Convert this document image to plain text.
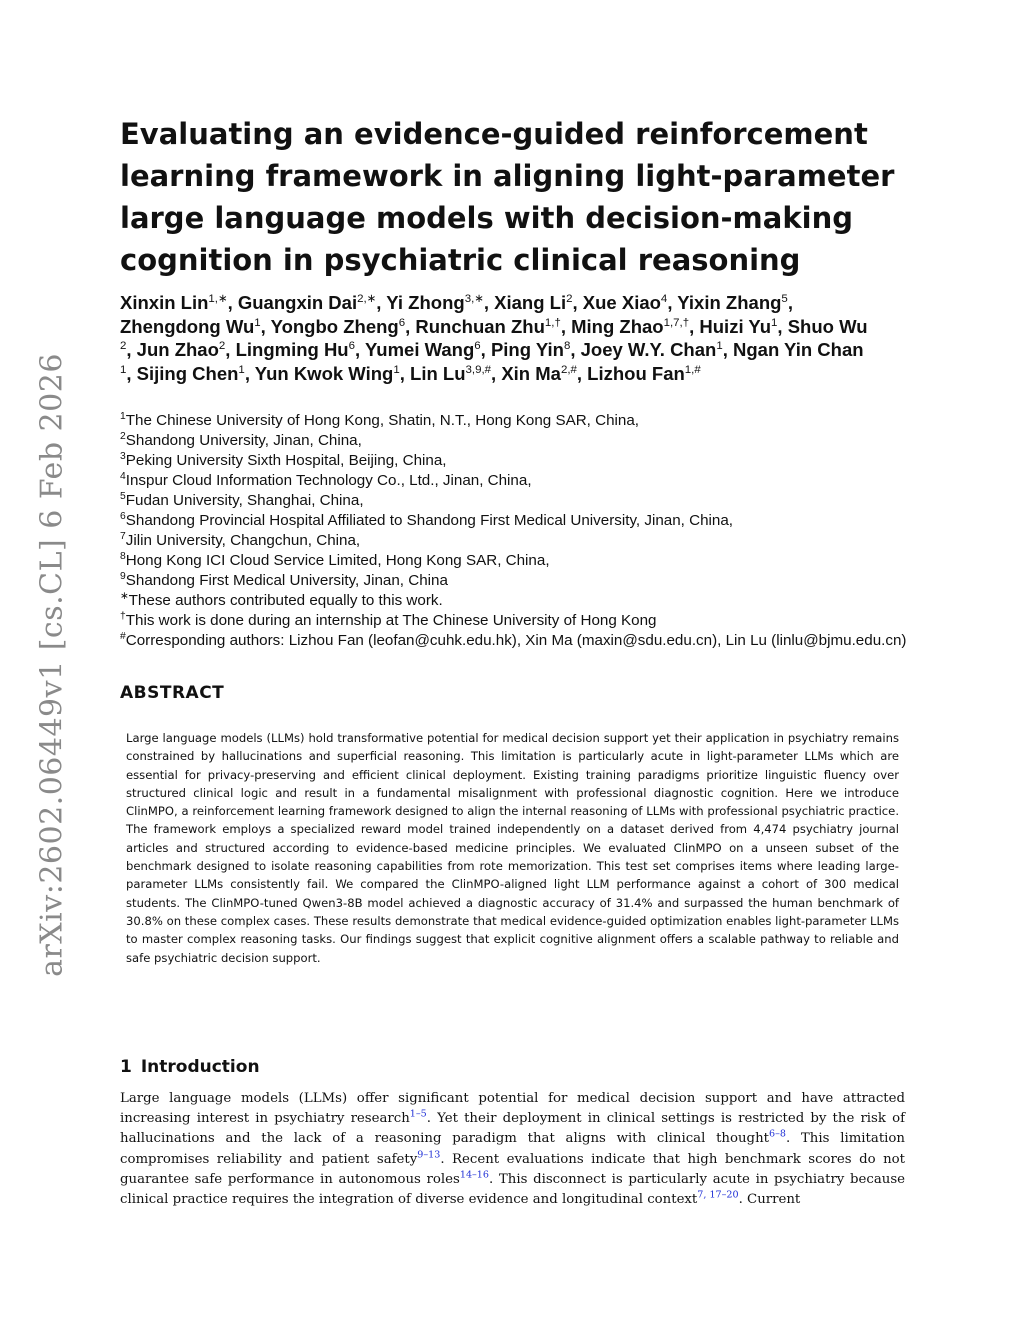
arXiv:2602.06449v1 [cs.CL] 6 Feb 2026
Evaluating an evidence-guided reinforcement
learning framework in aligning light-parameter
large language models with decision-making
cognition in psychiatric clinical reasoning
Xinxin Lin$^{1,∗}$, Guangxin Dai$^{2,∗}$, Yi Zhong$^{3,∗}$, Xiang Li$^2$, Xue Xiao$^4$, Yixin Zhang$^5$,
Zhengdong Wu$^1$, Yongbo Zheng$^6$, Runchuan Zhu$^{1,\dagger}$, Ming Zhao$^{1,7,\dagger}$, Huizi Yu$^1$, Shuo Wu
$^2$, Jun Zhao$^2$, Lingming Hu$^6$, Yumei Wang$^6$, Ping Yin$^8$, Joey W.Y. Chan$^1$, Ngan Yin Chan
$^1$, Sijing Chen$^1$, Yun Kwok Wing$^1$, Lin $Lu^{3,9,\#}$, Xin $Ma^{2,\#}$, Lizhou Fan$^{1,\#}$
$^1$The Chinese University of Hong Kong, Shatin, N.T., Hong Kong SAR, China,
$^2$Shandong University, Jinan, China,
$^3$Peking University Sixth Hospital, Beijing, China,
$^4$Inspur Cloud Information Technology Co., Ltd., Jinan, China,
$^5$Fudan University, Shanghai, China,
$^6$Shandong Provincial Hospital Affiliated to Shandong First Medical University, Jinan, China,
$^7$Jilin University, Changchun, China,
$^8$Hong Kong ICI Cloud Service Limited, Hong Kong SAR, China,
$^9$Shandong First Medical University, Jinan, China
∗These authors contributed equally to this work.
†This work is done during an internship at The Chinese University of Hong Kong
#Corresponding authors: Lizhou Fan (leofan@cuhk.edu.hk), Xin Ma (maxin@sdu.edu.cn), Lin Lu (linlu@bjmu.edu.cn)
ABSTRACT

Large language models (LLMs) hold transformative potential for medical decision support yet their application in psychiatry remains constrained by hallucinations and superficial reasoning. This limitation is particularly acute in light-parameter LLMs which are essential for privacy-preserving and efficient clinical deployment. Existing training paradigms prioritize linguistic fluency over structured clinical logic and result in a fundamental misalignment with professional diagnostic cognition. Here we introduce ClinMPO, a reinforcement learning framework designed to align the internal reasoning of LLMs with professional psychiatric practice. The framework employs a specialized reward model trained independently on a dataset derived from 4,474 psychiatry journal articles and structured according to evidence-based medicine principles. We evaluated ClinMPO on a unseen subset of the benchmark designed to isolate reasoning capabilities from rote memorization. This test set comprises items where leading large-parameter LLMs consistently fail. We compared the ClinMPO-aligned light LLM performance against a cohort of 300 medical students. The ClinMPO-tuned Qwen3-8B model achieved a diagnostic accuracy of 31.4% and surpassed the human benchmark of 30.8% on these complex cases. These results demonstrate that medical evidence-guided optimization enables light-parameter LLMs to master complex reasoning tasks. Our findings suggest that explicit cognitive alignment offers a scalable pathway to reliable and safe psychiatric decision support.

1 Introduction

Large language models (LLMs) offer significant potential for medical decision support and have attracted increasing interest in psychiatry research$^{1-5}$. Yet their deployment in clinical settings is restricted by the risk of hallucinations and the lack of a reasoning paradigm that aligns with clinical thought$^{6-8}$. This limitation compromises reliability and patient safety$^{9-13}$. Recent evaluations indicate that high benchmark scores do not guarantee safe performance in autonomous roles$^{14-16}$. This disconnect is particularly acute in psychiatry because clinical practice requires the integration of diverse evidence and longitudinal context$^{7, 17-20}$. Current
